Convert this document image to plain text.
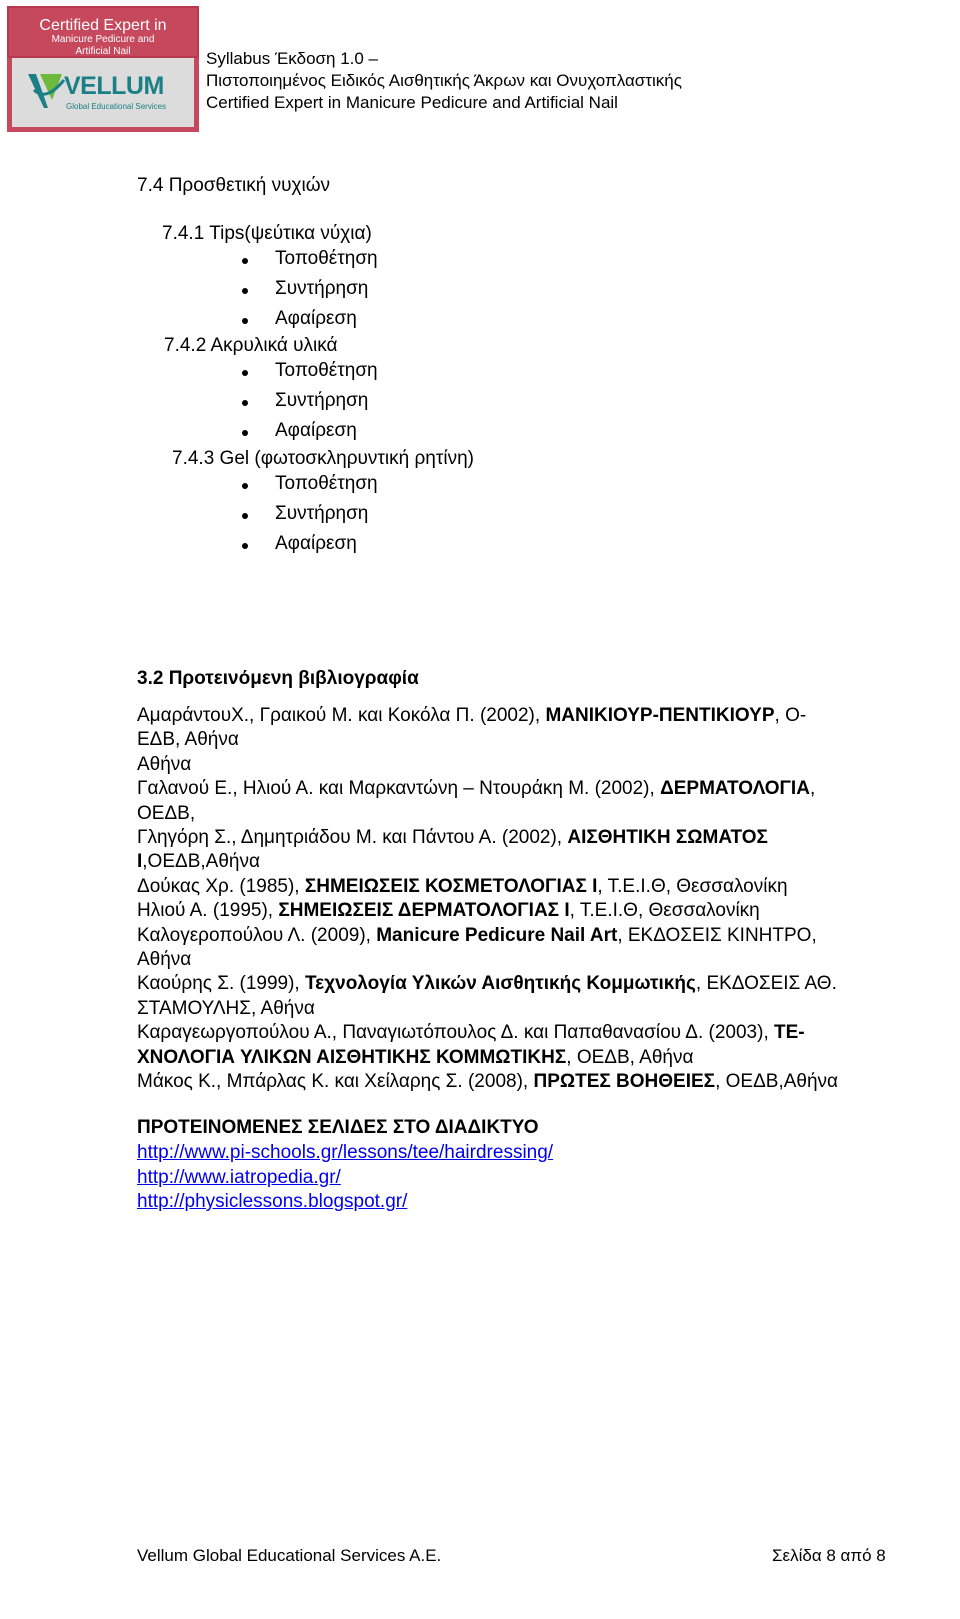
Certified Expert in
Manicure Pedicure and
Artificial Nail
VELLUM
Global Educational Services
Syllabus Έκδοση 1.0 –
Πιστοποιημένος Ειδικός Αισθητικής Άκρων και Ονυχοπλαστικής
Certified Expert in Manicure Pedicure and Artificial Nail
7.4 Προσθετική νυχιών
7.4.1 Tips(ψεύτικα νύχια)
Τοποθέτηση
Συντήρηση
Αφαίρεση
7.4.2 Ακρυλικά υλικά
Τοποθέτηση
Συντήρηση
Αφαίρεση
7.4.3 Gel (φωτοσκληρυντική ρητίνη)
Τοποθέτηση
Συντήρηση
Αφαίρεση
3.2 Προτεινόμενη βιβλιογραφία
ΑμαράντουΧ., Γραικού Μ. και Κοκόλα Π. (2002), ΜΑΝΙΚΙΟΥΡ-ΠΕΝΤΙΚΙΟΥΡ, Ο-
ΕΔΒ, Αθήνα
Αθήνα
Γαλανού Ε., Ηλιού Α. και Μαρκαντώνη – Ντουράκη Μ. (2002), ΔΕΡΜΑΤΟΛΟΓΙΑ,
ΟΕΔΒ,
Γληγόρη Σ., Δημητριάδου Μ. και Πάντου Α. (2002), ΑΙΣΘΗΤΙΚΗ ΣΩΜΑΤΟΣ
Ι,ΟΕΔΒ,Αθήνα
Δούκας Χρ. (1985), ΣΗΜΕΙΩΣΕΙΣ ΚΟΣΜΕΤΟΛΟΓΙΑΣ Ι, Τ.Ε.Ι.Θ, Θεσσαλονίκη
Ηλιού Α. (1995), ΣΗΜΕΙΩΣΕΙΣ ΔΕΡΜΑΤΟΛΟΓΙΑΣ Ι, Τ.Ε.Ι.Θ, Θεσσαλονίκη
Καλογεροπούλου Λ. (2009), Manicure Pedicure Nail Art, ΕΚΔΟΣΕΙΣ ΚΙΝΗΤΡΟ,
Αθήνα
Καούρης Σ. (1999), Τεχνολογία Υλικών Αισθητικής Κομμωτικής, ΕΚΔΟΣΕΙΣ ΑΘ.
ΣΤΑΜΟΥΛΗΣ, Αθήνα
Καραγεωργοπούλου Α., Παναγιωτόπουλος Δ. και Παπαθανασίου Δ. (2003), ΤΕ-
ΧΝΟΛΟΓΙΑ ΥΛΙΚΩΝ ΑΙΣΘΗΤΙΚΗΣ ΚΟΜΜΩΤΙΚΗΣ, ΟΕΔΒ, Αθήνα
Μάκος Κ., Μπάρλας Κ. και Χείλαρης Σ. (2008), ΠΡΩΤΕΣ ΒΟΗΘΕΙΕΣ, ΟΕΔΒ,Αθήνα
ΠΡΟΤΕΙΝΟΜΕΝΕΣ ΣΕΛΙΔΕΣ ΣΤΟ ΔΙΑΔΙΚΤΥΟ
http://www.pi-schools.gr/lessons/tee/hairdressing/
http://www.iatropedia.gr/
http://physiclessons.blogspot.gr/
Vellum Global Educational Services A.E.	Σελίδα 8 από 8
